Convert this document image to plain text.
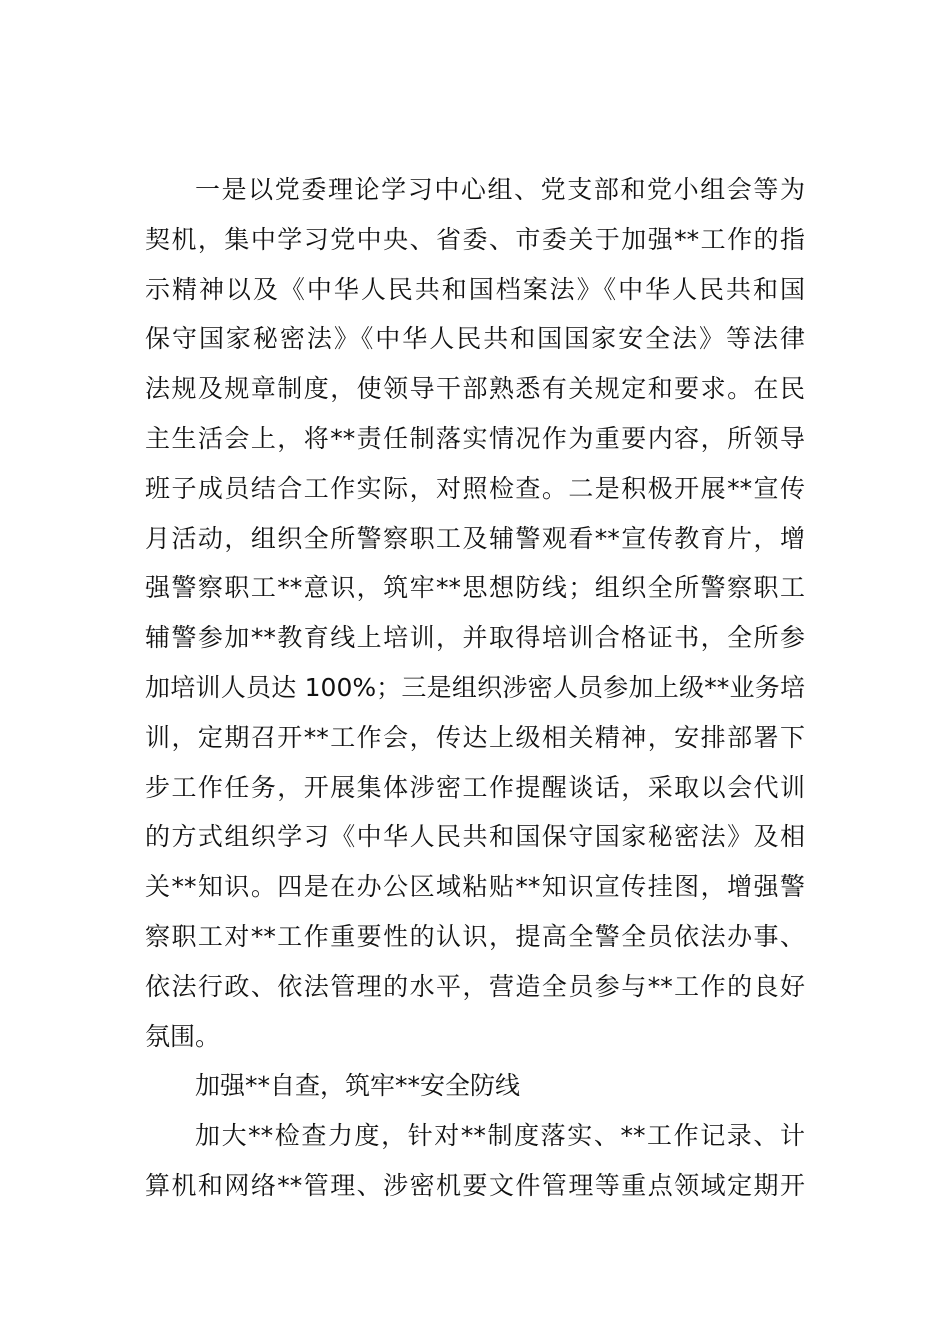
一是以党委理论学习中心组、党支部和党小组会等为
契机，集中学习党中央、省委、市委关于加强**工作的指
示精神以及《中华人民共和国档案法》《中华人民共和国
保守国家秘密法》《中华人民共和国国家安全法》等法律
法规及规章制度，使领导干部熟悉有关规定和要求。在民
主生活会上，将**责任制落实情况作为重要内容，所领导
班子成员结合工作实际，对照检查。二是积极开展**宣传
月活动，组织全所警察职工及辅警观看**宣传教育片，增
强警察职工**意识，筑牢**思想防线；组织全所警察职工
辅警参加**教育线上培训，并取得培训合格证书，全所参
加培训人员达 100%；三是组织涉密人员参加上级**业务培
训，定期召开**工作会，传达上级相关精神，安排部署下
步工作任务，开展集体涉密工作提醒谈话，采取以会代训
的方式组织学习《中华人民共和国保守国家秘密法》及相
关**知识。四是在办公区域粘贴**知识宣传挂图，增强警
察职工对**工作重要性的认识，提高全警全员依法办事、
依法行政、依法管理的水平，营造全员参与**工作的良好
氛围。
加强**自查，筑牢**安全防线
加大**检查力度，针对**制度落实、**工作记录、计
算机和网络**管理、涉密机要文件管理等重点领域定期开
